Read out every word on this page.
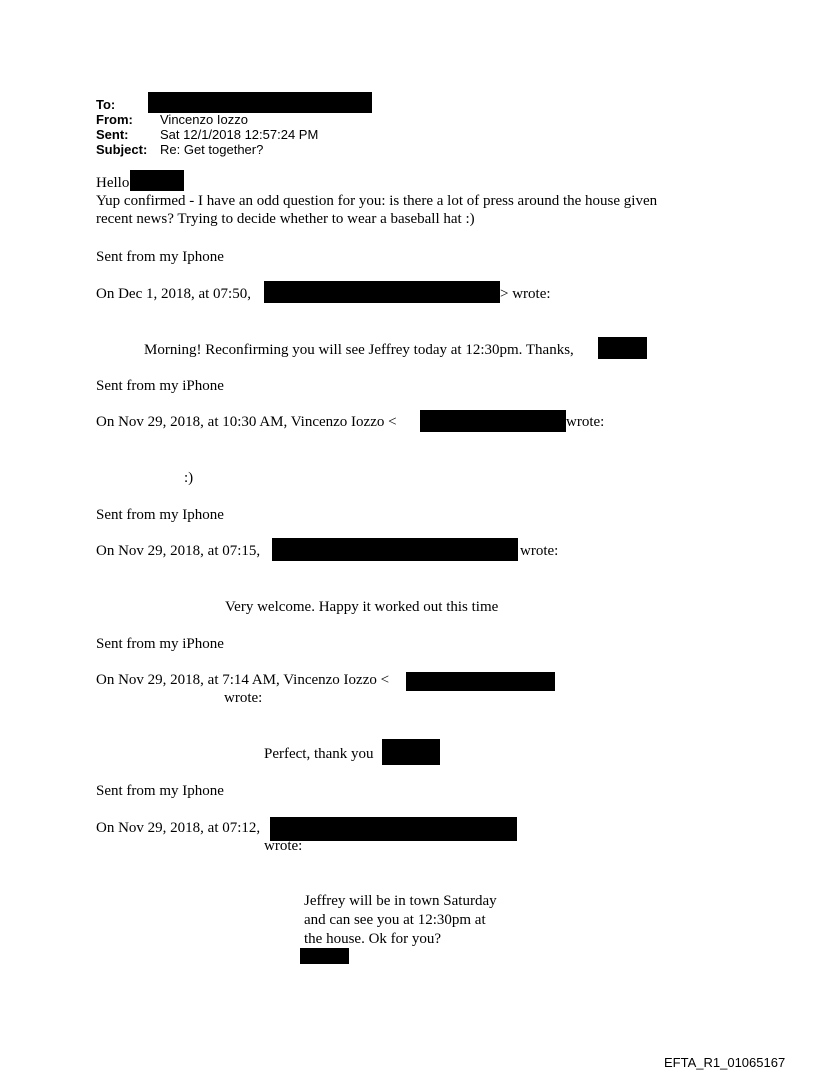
To:
From: Vincenzo Iozzo
Sent: Sat 12/1/2018 12:57:24 PM
Subject: Re: Get together?
Hello
Yup confirmed - I have an odd question for you: is there a lot of press around the house given
recent news? Trying to decide whether to wear a baseball hat :)
Sent from my Iphone
On Dec 1, 2018, at 07:50,	> wrote:
Morning! Reconfirming you will see Jeffrey today at 12:30pm. Thanks,
Sent from my iPhone
On Nov 29, 2018, at 10:30 AM, Vincenzo Iozzo <	wrote:
:)
Sent from my Iphone
On Nov 29, 2018, at 07:15,	wrote:
Very welcome. Happy it worked out this time
Sent from my iPhone
On Nov 29, 2018, at 7:14 AM, Vincenzo Iozzo <
wrote:
Perfect, thank you
Sent from my Iphone
On Nov 29, 2018, at 07:12,
wrote:
Jeffrey will be in town Saturday
and can see you at 12:30pm at
the house. Ok for you?
EFTA_R1_01065167
